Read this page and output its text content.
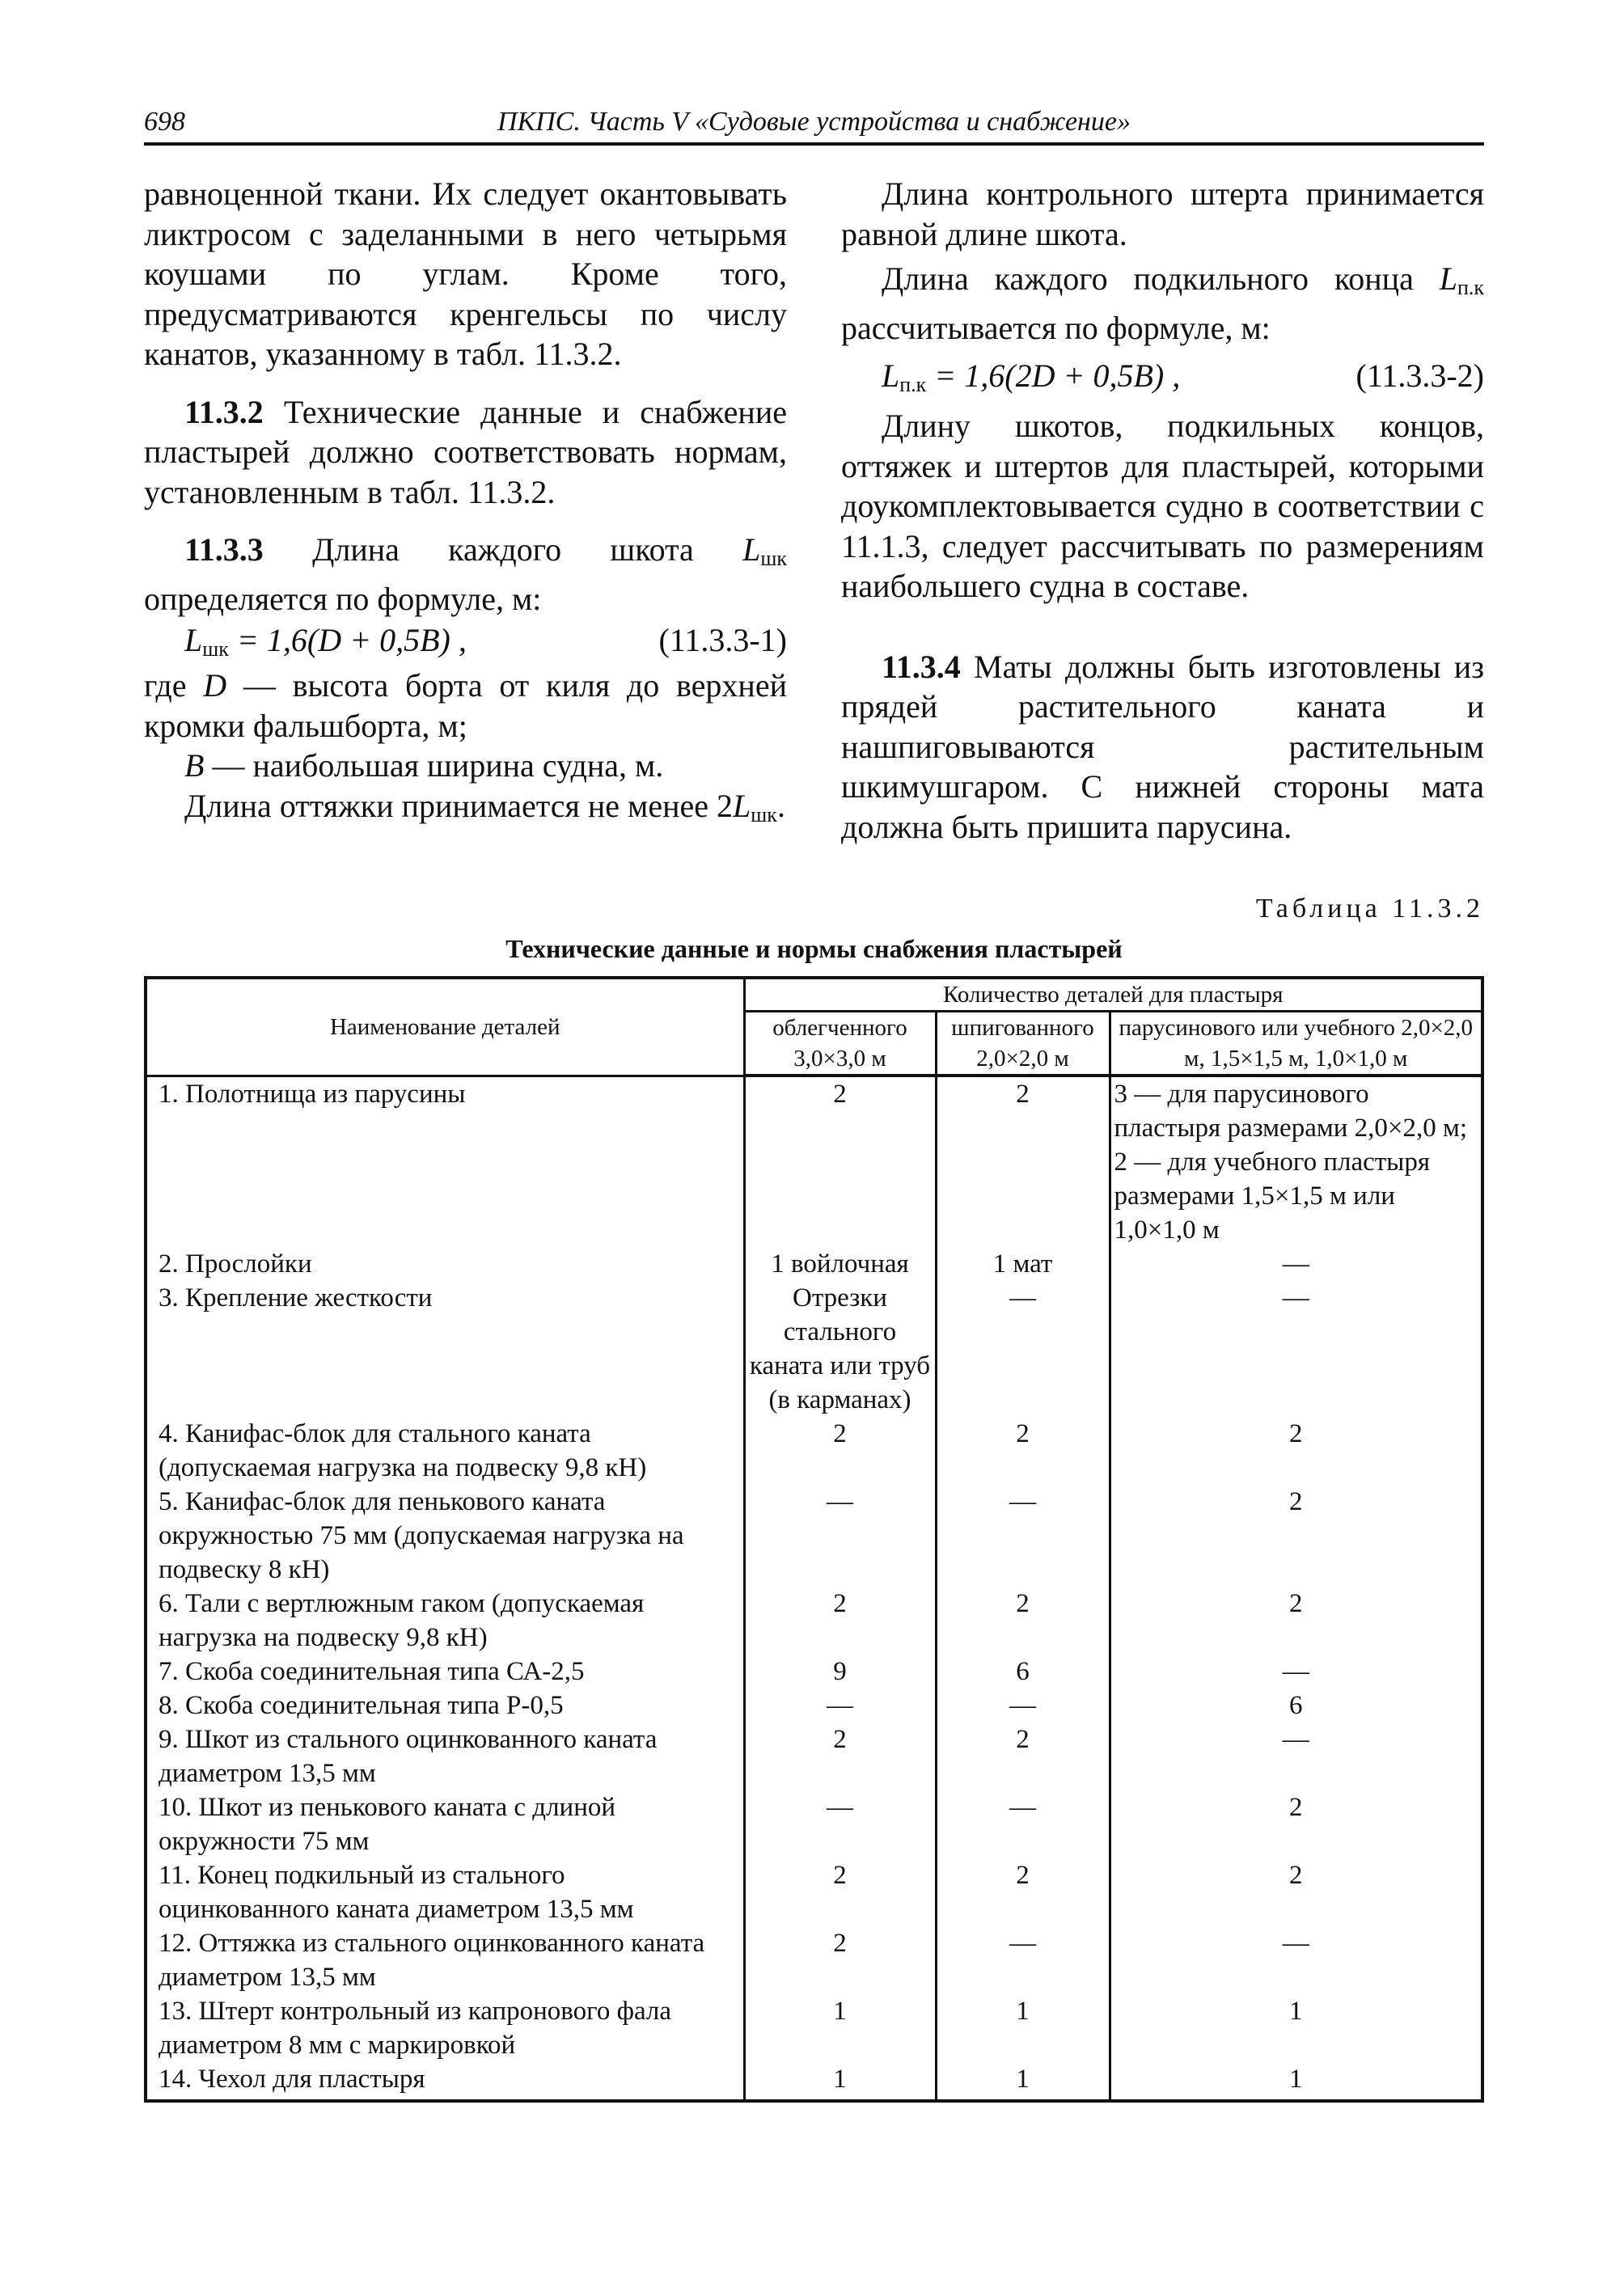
698	ПКПС. Часть V «Судовые устройства и снабжение»

равноценной ткани. Их следует окантовывать ликтросом с заделанными в него четырьмя коушами по углам. Кроме того, предусматриваются кренгельсы по числу канатов, указанному в табл. 11.3.2.

11.3.2 Технические данные и снабжение пластырей должно соответствовать нормам, установленным в табл. 11.3.2.

11.3.3 Длина каждого шкота $L_{шк}$ определяется по формуле, м:

$L_{шк} = 1,6(D + 0,5B)$ ,	(11.3.3-1)

где D — высота борта от киля до верхней кромки фальшборта, м;

B — наибольшая ширина судна, м.

Длина оттяжки принимается не менее $2L_{шк}$.

Длина контрольного штерта принимается равной длине шкота.

Длина каждого подкильного конца $L_{п.к}$ рассчитывается по формуле, м:

$L_{п.к} = 1,6(2D + 0,5B)$ ,	(11.3.3-2)

Длину шкотов, подкильных концов, оттяжек и штертов для пластырей, которыми доукомплектовывается судно в соответствии с 11.1.3, следует рассчитывать по размерениям наибольшего судна в составе.

11.3.4 Маты должны быть изготовлены из прядей растительного каната и нашпиговываются растительным шкимушгаром. С нижней стороны мата должна быть пришита парусина.

Таблица 11.3.2
Технические данные и нормы снабжения пластырей
Наименование деталей	Количество деталей для пластыря		
	облегченного 3,0×3,0 м	шпигованного 2,0×2,0 м	парусинового или учебного 2,0×2,0 м, 1,5×1,5 м, 1,0×1,0 м
1. Полотнища из парусины	2	2	3 — для парусинового пластыря размерами 2,0×2,0 м; 2 — для учебного пластыря размерами 1,5×1,5 м или 1,0×1,0 м
2. Прослойки	1 войлочная	1 мат	—
3. Крепление жесткости	Отрезки стального каната или труб (в карманах)	—	—
4. Канифас-блок для стального каната (допускаемая нагрузка на подвеску 9,8 кН)	2	2	2
5. Канифас-блок для пенькового каната окружностью 75 мм (допускаемая нагрузка на подвеску 8 кН)	—	—	2
6. Тали с вертлюжным гаком (допускаемая нагрузка на подвеску 9,8 кН)	2	2	2
7. Скоба соединительная типа СА-2,5	9	6	—
8. Скоба соединительная типа Р-0,5	—	—	6
9. Шкот из стального оцинкованного каната диаметром 13,5 мм	2	2	—
10. Шкот из пенькового каната с длиной окружности 75 мм	—	—	2
11. Конец подкильный из стального оцинкованного каната диаметром 13,5 мм	2	2	2
12. Оттяжка из стального оцинкованного каната диаметром 13,5 мм	2	—	—
13. Штерт контрольный из капронового фала диаметром 8 мм с маркировкой	1	1	1
14. Чехол для пластыря	1	1	1
